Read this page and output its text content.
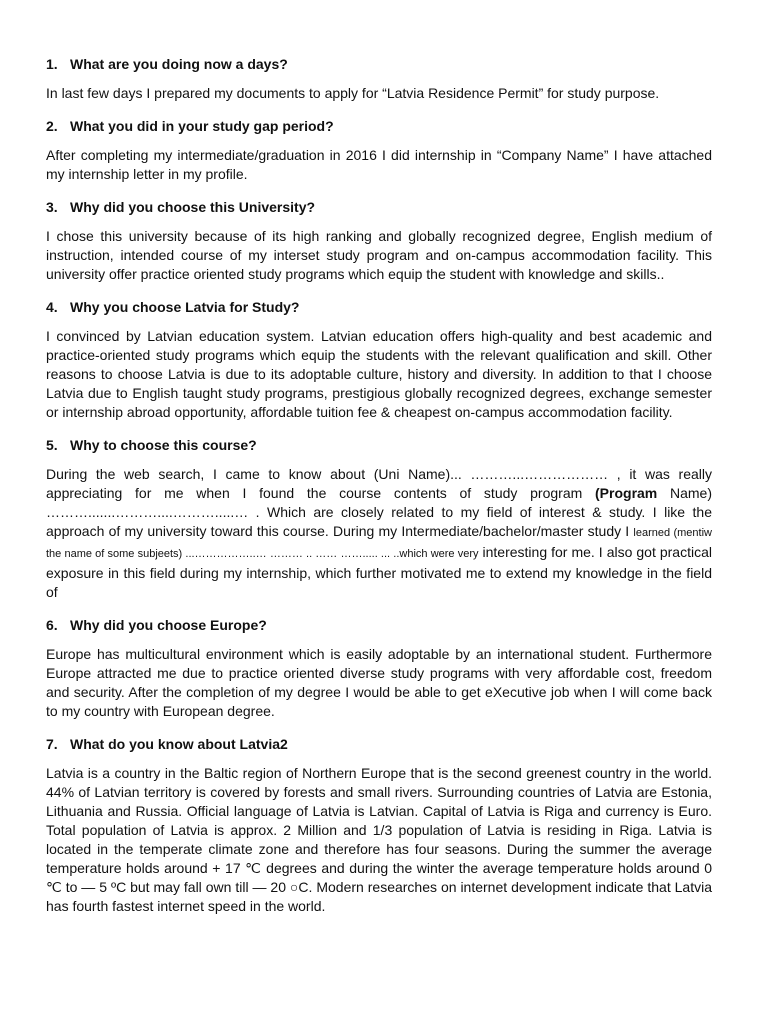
1. What are you doing now a days?
In last few days I prepared my documents to apply for “Latvia Residence Permit” for study purpose.
2. What you did in your study gap period?
After completing my intermediate/graduation in 2016 I did internship in “Company Name” I have attached my internship letter in my profile.
3. Why did you choose this University?
I chose this university because of its high ranking and globally recognized degree, English medium of instruction, intended course of my interset study program and on-campus accommodation facility. This university offer practice oriented study programs which equip the student with knowledge and skills..
4. Why you choose Latvia for Study?
I convinced by Latvian education system. Latvian education offers high-quality and best academic and practice-oriented study programs which equip the students with the relevant qualification and skill. Other reasons to choose Latvia is due to its adoptable culture, history and diversity. In addition to that I choose Latvia due to English taught study programs, prestigious globally recognized degrees, exchange semester or internship abroad opportunity, affordable tuition fee & cheapest on-campus accommodation facility.
5. Why to choose this course?
During the web search, I came to know about (Uni Name)... ………...……………… , it was really appreciating for me when I found the course contents of study program (Program Name) ……….......………....……….....… . Which are closely related to my field of interest & study. I like the approach of my university toward this course. During my Intermediate/bachelor/master study I learned (mentiw the name of some subjeets) ...……………..… ……… .. …… ……..... ... ..which were very interesting for me. I also got practical exposure in this field during my internship, which further motivated me to extend my knowledge in the field of
6. Why did you choose Europe?
Europe has multicultural environment which is easily adoptable by an international student. Furthermore Europe attracted me due to practice oriented diverse study programs with very affordable cost, freedom and security. After the completion of my degree I would be able to get eXecutive job when I will come back to my country with European degree.
7. What do you know about Latvia2
Latvia is a country in the Baltic region of Northern Europe that is the second greenest country in the world. 44% of Latvian territory is covered by forests and small rivers. Surrounding countries of Latvia are Estonia, Lithuania and Russia. Official language of Latvia is Latvian. Capital of Latvia is Riga and currency is Euro. Total population of Latvia is approx. 2 Million and 1/3 population of Latvia is residing in Riga. Latvia is located in the temperate climate zone and therefore has four seasons. During the summer the average temperature holds around + 17 ℃ degrees and during the winter the average temperature holds around 0 ℃ to — 5 ºC but may fall own till — 20 ○C. Modern researches on internet development indicate that Latvia has fourth fastest internet speed in the world.
